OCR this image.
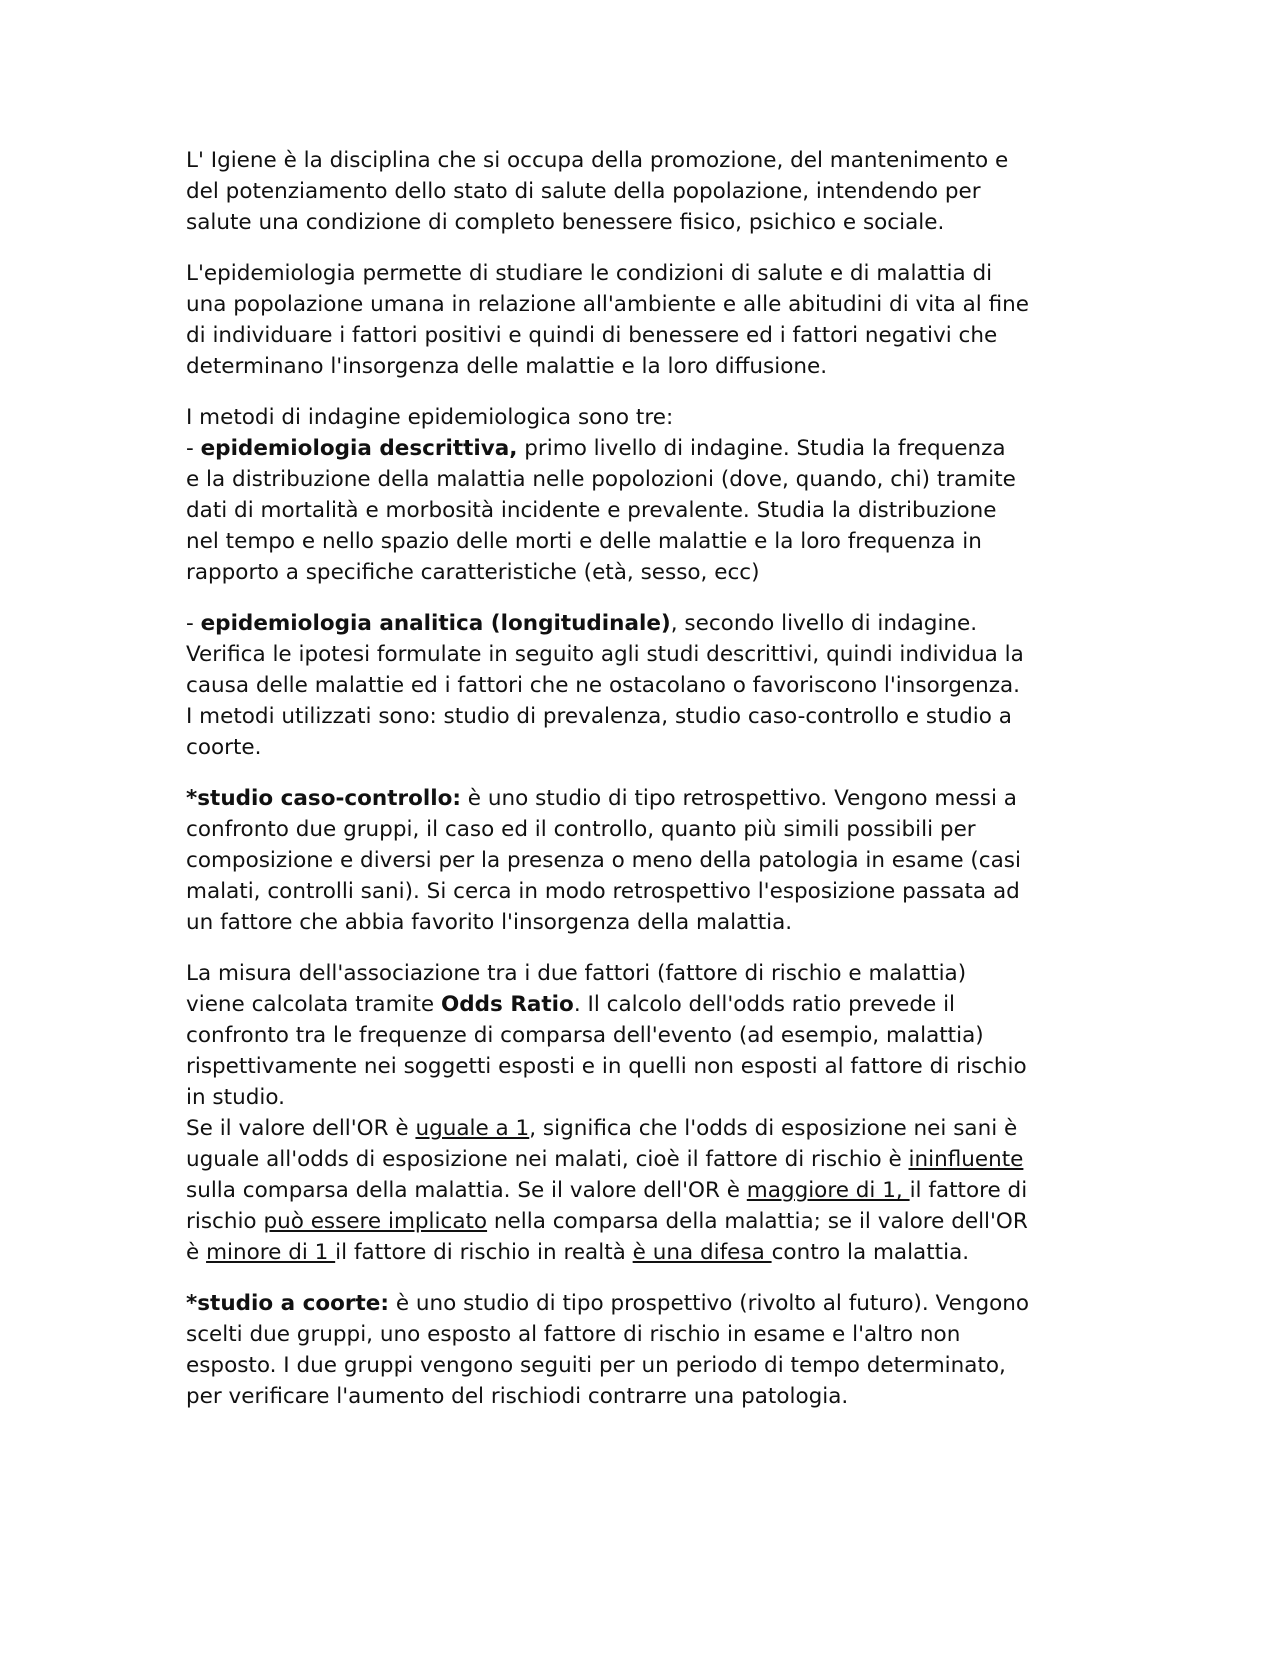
L' Igiene è la disciplina che si occupa della promozione, del mantenimento e
del potenziamento dello stato di salute della popolazione, intendendo per
salute una condizione di completo benessere fisico, psichico e sociale.

L'epidemiologia permette di studiare le condizioni di salute e di malattia di
una popolazione umana in relazione all'ambiente e alle abitudini di vita al fine
di individuare i fattori positivi e quindi di benessere ed i fattori negativi che
determinano l'insorgenza delle malattie e la loro diffusione.

I metodi di indagine epidemiologica sono tre:
- epidemiologia descrittiva, primo livello di indagine. Studia la frequenza
e la distribuzione della malattia nelle popolozioni (dove, quando, chi) tramite
dati di mortalità e morbosità incidente e prevalente. Studia la distribuzione
nel tempo e nello spazio delle morti e delle malattie e la loro frequenza in
rapporto a specifiche caratteristiche (età, sesso, ecc)

- epidemiologia analitica (longitudinale), secondo livello di indagine.
Verifica le ipotesi formulate in seguito agli studi descrittivi, quindi individua la
causa delle malattie ed i fattori che ne ostacolano o favoriscono l'insorgenza.
I metodi utilizzati sono: studio di prevalenza, studio caso-controllo e studio a
coorte.

*studio caso-controllo: è uno studio di tipo retrospettivo. Vengono messi a
confronto due gruppi, il caso ed il controllo, quanto più simili possibili per
composizione e diversi per la presenza o meno della patologia in esame (casi
malati, controlli sani). Si cerca in modo retrospettivo l'esposizione passata ad
un fattore che abbia favorito l'insorgenza della malattia.

La misura dell'associazione tra i due fattori (fattore di rischio e malattia)
viene calcolata tramite Odds Ratio. Il calcolo dell'odds ratio prevede il
confronto tra le frequenze di comparsa dell'evento (ad esempio, malattia)
rispettivamente nei soggetti esposti e in quelli non esposti al fattore di rischio
in studio.
Se il valore dell'OR è uguale a 1, significa che l'odds di esposizione nei sani è
uguale all'odds di esposizione nei malati, cioè il fattore di rischio è ininfluente
sulla comparsa della malattia. Se il valore dell'OR è maggiore di 1, il fattore di
rischio può essere implicato nella comparsa della malattia; se il valore dell'OR
è minore di 1 il fattore di rischio in realtà è una difesa contro la malattia.

*studio a coorte: è uno studio di tipo prospettivo (rivolto al futuro). Vengono
scelti due gruppi, uno esposto al fattore di rischio in esame e l'altro non
esposto. I due gruppi vengono seguiti per un periodo di tempo determinato,
per verificare l'aumento del rischiodi contrarre una patologia.
